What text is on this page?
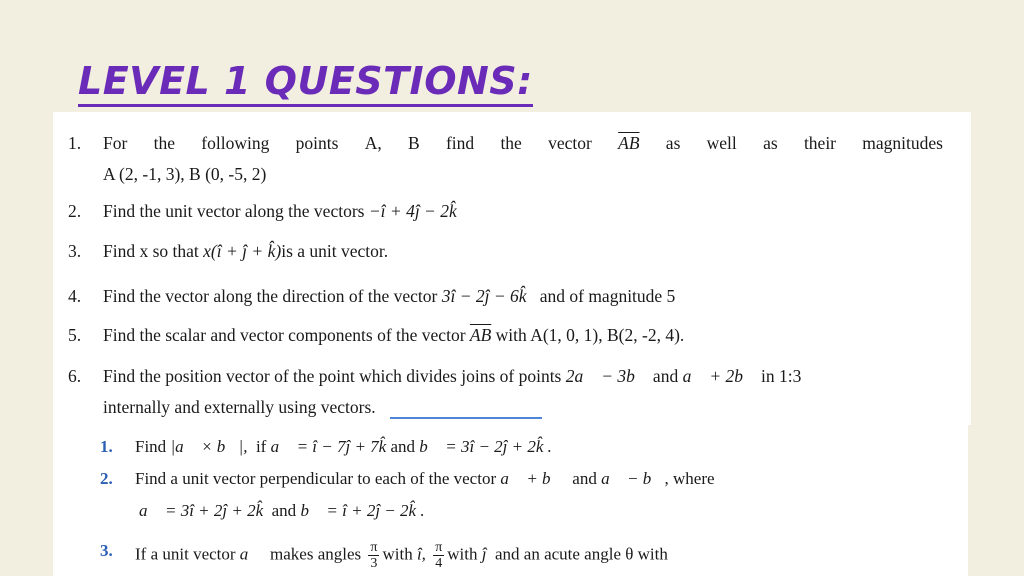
LEVEL 1 QUESTIONS:
1. For the following points A, B find the vector $\overline{AB}$ as well as their magnitudes
A (2, -1, 3), B (0, -5, 2)
2. Find the unit vector along the vectors −î + 4ĵ − 2k̂
3. Find x so that x(î + ĵ + k̂)is a unit vector.
4. Find the vector along the direction of the vector 3î − 2ĵ − 6k̂ and of magnitude 5
5. Find the scalar and vector components of the vector $\overline{AB}$ with A(1, 0, 1), B(2, -2, 4).
6. Find the position vector of the point which divides joins of points 2a⃗ − 3b⃗ and a⃗ + 2b⃗ in 1:3
internally and externally using vectors.
1. Find |a⃗ × b⃗|, if a⃗ = î − 7ĵ + 7k̂ and b⃗ = 3î − 2ĵ + 2k̂ .
2. Find a unit vector perpendicular to each of the vector a⃗ + b⃗ and a⃗ − b⃗, where
a⃗ = 3î + 2ĵ + 2k̂ and b⃗ = î + 2ĵ − 2k̂ .
3. If a unit vector a⃗ makes angles $\frac{\pi}{3}$ with î, $\frac{\pi}{4}$ with ĵ and an acute angle θ with
